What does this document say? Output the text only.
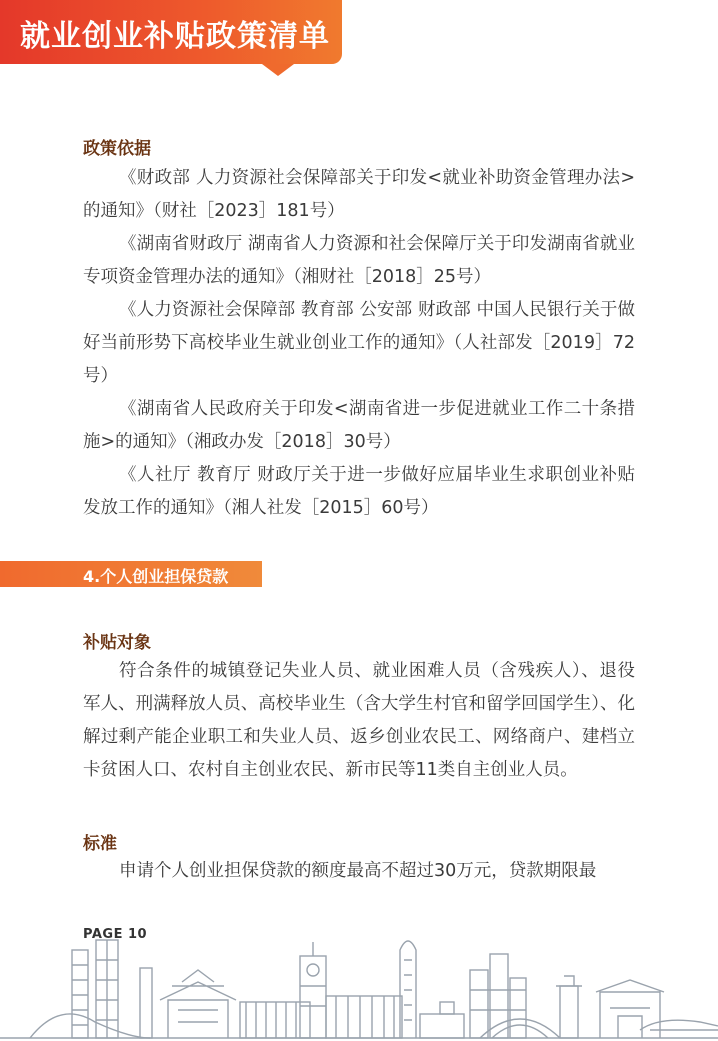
就业创业补贴政策清单
政策依据

《财政部 人力资源社会保障部关于印发<就业补助资金管理办法>的通知》（财社［2023］181号）

《湖南省财政厅 湖南省人力资源和社会保障厅关于印发湖南省就业专项资金管理办法的通知》（湘财社［2018］25号）

《人力资源社会保障部 教育部 公安部 财政部 中国人民银行关于做好当前形势下高校毕业生就业创业工作的通知》（人社部发［2019］72号）

《湖南省人民政府关于印发<湖南省进一步促进就业工作二十条措施>的通知》（湘政办发［2018］30号）

《人社厅 教育厅 财政厅关于进一步做好应届毕业生求职创业补贴发放工作的通知》（湘人社发［2015］60号）

4.个人创业担保贷款
补贴对象

符合条件的城镇登记失业人员、就业困难人员（含残疾人）、退役军人、刑满释放人员、高校毕业生（含大学生村官和留学回国学生）、化解过剩产能企业职工和失业人员、返乡创业农民工、网络商户、建档立卡贫困人口、农村自主创业农民、新市民等11类自主创业人员。

标准

申请个人创业担保贷款的额度最高不超过30万元，贷款期限最

PAGE 10
